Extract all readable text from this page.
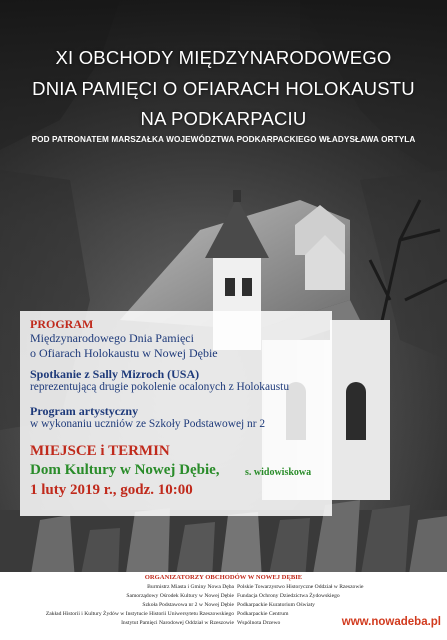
XI OBCHODY MIĘDZYNARODOWEGO
DNIA PAMIĘCI O OFIARACH HOLOKAUSTU
NA PODKARPACIU
POD PATRONATEM MARSZAŁKA WOJEWÓDZTWA PODKARPACKIEGO WŁADYSŁAWA ORTYLA
PROGRAM
Międzynarodowego Dnia Pamięci
o Ofiarach Holokaustu w Nowej Dębie
Spotkanie z Sally Mizroch (USA)
reprezentującą drugie pokolenie ocalonych z Holokaustu
Program artystyczny
w wykonaniu uczniów ze Szkoły Podstawowej nr 2
MIEJSCE i TERMIN
Dom Kultury w Nowej Dębie,	s. widowiskowa
1 luty 2019 r., godz. 10:00
ORGANIZATORZY OBCHODÓW W NOWEJ DĘBIE
Burmistrz Miasta i Gminy Nowa Dęba
Samorządowy Ośrodek Kultury w Nowej Dębie
Szkoła Podstawowa nr 2 w Nowej Dębie
Zakład Historii i Kultury Żydów w Instytucie Historii Uniwersytetu Rzeszowskiego
Instytut Pamięci Narodowej Oddział w Rzeszowie
Polskie Towarzystwo Historyczne Oddział w Rzeszowie
Fundacja Ochrony Dziedzictwa Żydowskiego
Podkarpackie Kuratorium Oświaty
Podkarpackie Centrum
Wspólnota Drzewo	www.nowadeba.pl
